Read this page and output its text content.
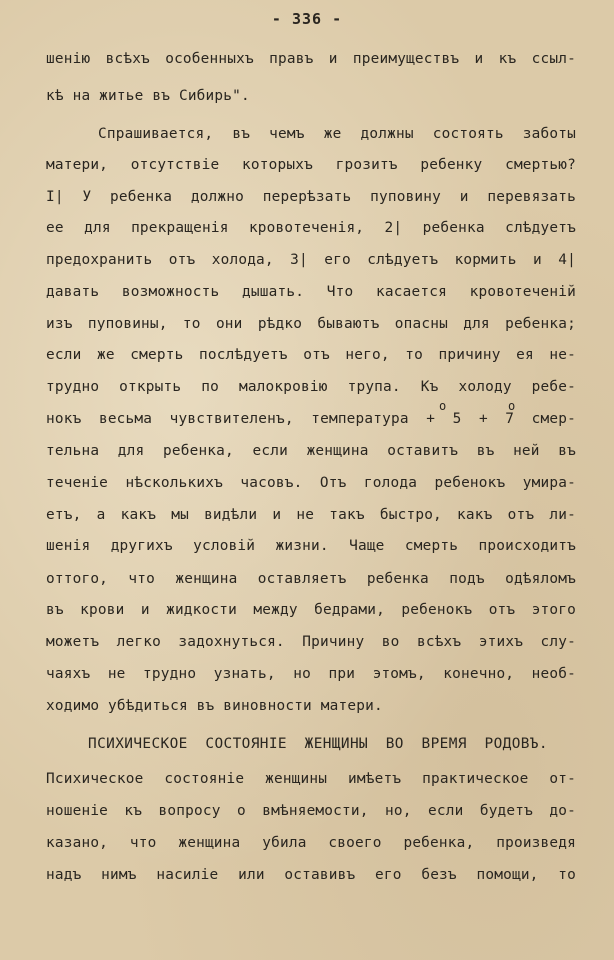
- 336 -
шенію всѣхъ особенныхъ правъ и преимуществъ и къ ссыл-
кѣ на житье въ Сибирь".
Спрашивается, въ чемъ же должны состоять заботы
матери, отсутствіе которыхъ грозитъ ребенку смертью?
I| У ребенка должно перерѣзать пуповину и перевязать
ее для прекращенія кровотеченія, 2| ребенка слѣдуетъ
предохранить отъ холода, 3| его слѣдуетъ кормить и 4|
давать возможность дышать. Что касается кровотеченій
изъ пуповины, то они рѣдко бываютъ опасны для ребенка;
если же смерть послѣдуетъ отъ него, то причину ея не-
трудно открыть по малокровію трупа. Къ холоду ребе-
нокъ весьма чувствителенъ, температура + 5 + 7 смер-
тельна для ребенка, если женщина оставитъ въ ней въ
теченіе нѣсколькихъ часовъ. Отъ голода ребенокъ умира-
етъ, а какъ мы видѣли и не такъ быстро, какъ отъ ли-
шенія другихъ условій жизни. Чаще смерть происходитъ
оттого, что женщина оставляетъ ребенка подъ одѣяломъ
въ крови и жидкости между бедрами, ребенокъ отъ этого
можетъ легко задохнуться. Причину во всѣхъ этихъ слу-
чаяхъ не трудно узнать, но при этомъ, конечно, необ-
ходимо убѣдиться въ виновности матери.
ПСИХИЧЕСКОЕ СОСТОЯНІЕ ЖЕНЩИНЫ ВО ВРЕМЯ РОДОВЪ.
Психическое состояніе женщины имѣетъ практическое от-
ношеніе къ вопросу о вмѣняемости, но, если будетъ до-
казано, что женщина убила своего ребенка, произведя
надъ нимъ насиліе или оставивъ его безъ помощи, то
o	o
